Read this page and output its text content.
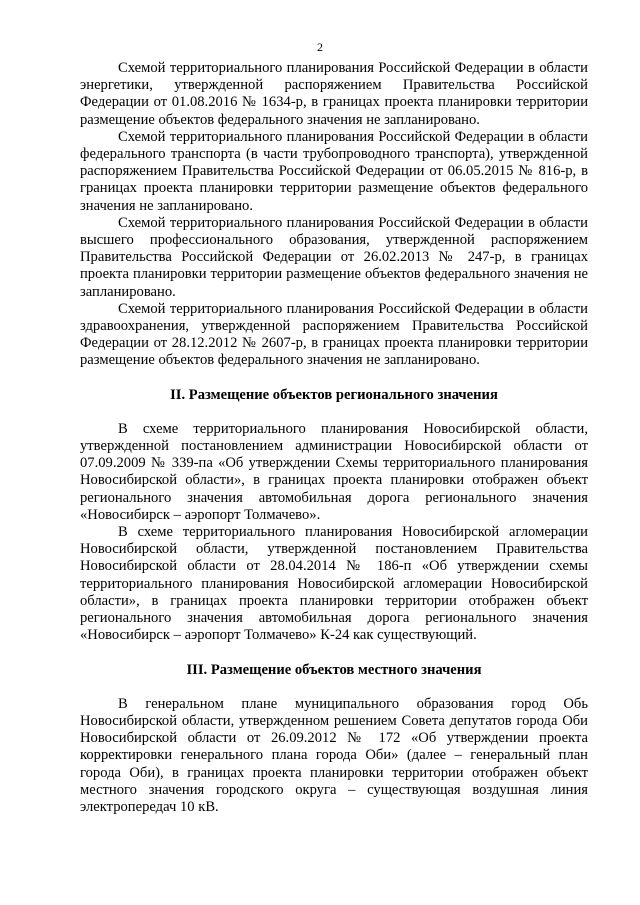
2

Схемой территориального планирования Российской Федерации в области энергетики, утвержденной распоряжением Правительства Российской Федерации от 01.08.2016 № 1634-р, в границах проекта планировки территории размещение объектов федерального значения не запланировано.

Схемой территориального планирования Российской Федерации в области федерального транспорта (в части трубопроводного транспорта), утвержденной распоряжением Правительства Российской Федерации от 06.05.2015 № 816-р, в границах проекта планировки территории размещение объектов федерального значения не запланировано.

Схемой территориального планирования Российской Федерации в области высшего профессионального образования, утвержденной распоряжением Правительства Российской Федерации от 26.02.2013 № 247-р, в границах проекта планировки территории размещение объектов федерального значения не запланировано.

Схемой территориального планирования Российской Федерации в области здравоохранения, утвержденной распоряжением Правительства Российской Федерации от 28.12.2012 № 2607-р, в границах проекта планировки территории размещение объектов федерального значения не запланировано.

II. Размещение объектов регионального значения

В схеме территориального планирования Новосибирской области, утвержденной постановлением администрации Новосибирской области от 07.09.2009 № 339-па «Об утверждении Схемы территориального планирования Новосибирской области», в границах проекта планировки отображен объект регионального значения автомобильная дорога регионального значения «Новосибирск – аэропорт Толмачево».

В схеме территориального планирования Новосибирской агломерации Новосибирской области, утвержденной постановлением Правительства Новосибирской области от 28.04.2014 № 186-п «Об утверждении схемы территориального планирования Новосибирской агломерации Новосибирской области», в границах проекта планировки территории отображен объект регионального значения автомобильная дорога регионального значения «Новосибирск – аэропорт Толмачево» К-24 как существующий.

III. Размещение объектов местного значения

В генеральном плане муниципального образования город Обь Новосибирской области, утвержденном решением Совета депутатов города Оби Новосибирской области от 26.09.2012 № 172 «Об утверждении проекта корректировки генерального плана города Оби» (далее – генеральный план города Оби), в границах проекта планировки территории отображен объект местного значения городского округа – существующая воздушная линия электропередач 10 кВ.
